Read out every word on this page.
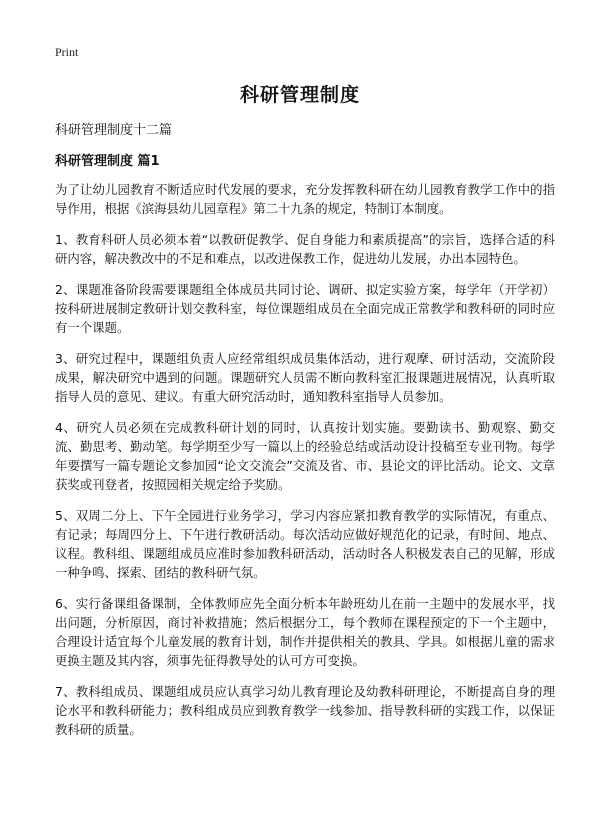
Print
科研管理制度
科研管理制度十二篇
科研管理制度 篇1

为了让幼儿园教育不断适应时代发展的要求，充分发挥教科研在幼儿园教育教学工作中的指导作用，根据《滨海县幼儿园章程》第二十九条的规定，特制订本制度。

1、教育科研人员必须本着“以教研促教学、促自身能力和素质提高”的宗旨，选择合适的科研内容，解决教改中的不足和难点，以改进保教工作，促进幼儿发展，办出本园特色。

2、课题准备阶段需要课题组全体成员共同讨论、调研、拟定实验方案，每学年（开学初）按科研进展制定教研计划交教科室，每位课题组成员在全面完成正常教学和教科研的同时应有一个课题。

3、研究过程中，课题组负责人应经常组织成员集体活动，进行观摩、研讨活动，交流阶段成果，解决研究中遇到的问题。课题研究人员需不断向教科室汇报课题进展情况，认真听取指导人员的意见、建议。有重大研究活动时，通知教科室指导人员参加。

4、研究人员必须在完成教科研计划的同时，认真按计划实施。要勤读书、勤观察、勤交流、勤思考、勤动笔。每学期至少写一篇以上的经验总结或活动设计投稿至专业刊物。每学年要撰写一篇专题论文参加园“论文交流会”交流及省、市、县论文的评比活动。论文、文章获奖或刊登者，按照园相关规定给予奖励。

5、双周二分上、下午全园进行业务学习，学习内容应紧扣教育教学的实际情况，有重点、有记录；每周四分上、下午进行教研活动。每次活动应做好规范化的记录，有时间、地点、议程。教科组、课题组成员应准时参加教科研活动，活动时各人积极发表自己的见解，形成一种争鸣、探索、团结的教科研气氛。

6、实行备课组备课制，全体教师应先全面分析本年龄班幼儿在前一主题中的发展水平，找出问题，分析原因，商讨补救措施；然后根据分工，每个教师在课程预定的下一个主题中，合理设计适宜每个儿童发展的教育计划，制作并提供相关的教具、学具。如根据儿童的需求更换主题及其内容，须事先征得教导处的认可方可变换。

7、教科组成员、课题组成员应认真学习幼儿教育理论及幼教科研理论，不断提高自身的理论水平和教科研能力；教科组成员应到教育教学一线参加、指导教科研的实践工作，以保证教科研的质量。
